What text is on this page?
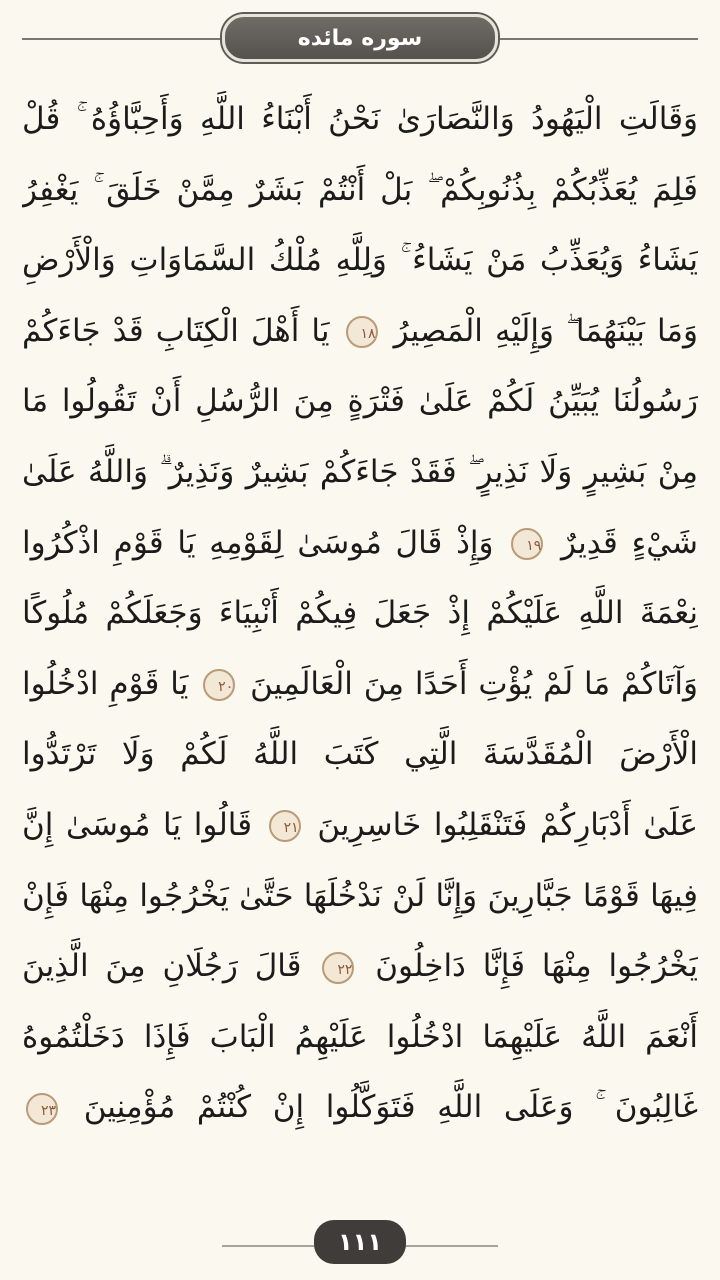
سوره مائده
وَقَالَتِ الْيَهُودُ وَالنَّصَارَىٰ نَحْنُ أَبْنَاءُ اللَّهِ وَأَحِبَّاؤُهُ ۚ قُلْ
فَلِمَ يُعَذِّبُكُمْ بِذُنُوبِكُمْ ۖ بَلْ أَنْتُمْ بَشَرٌ مِمَّنْ خَلَقَ ۚ يَغْفِرُ
يَشَاءُ وَيُعَذِّبُ مَنْ يَشَاءُ ۚ وَلِلَّهِ مُلْكُ السَّمَاوَاتِ وَالْأَرْضِ
وَمَا بَيْنَهُمَا ۖ وَإِلَيْهِ الْمَصِيرُ ١٨ يَا أَهْلَ الْكِتَابِ قَدْ جَاءَكُمْ
رَسُولُنَا يُبَيِّنُ لَكُمْ عَلَىٰ فَتْرَةٍ مِنَ الرُّسُلِ أَنْ تَقُولُوا مَا
مِنْ بَشِيرٍ وَلَا نَذِيرٍ ۖ فَقَدْ جَاءَكُمْ بَشِيرٌ وَنَذِيرٌ ۗ وَاللَّهُ عَلَىٰ
شَيْءٍ قَدِيرٌ ١٩ وَإِذْ قَالَ مُوسَىٰ لِقَوْمِهِ يَا قَوْمِ اذْكُرُوا
نِعْمَةَ اللَّهِ عَلَيْكُمْ إِذْ جَعَلَ فِيكُمْ أَنْبِيَاءَ وَجَعَلَكُمْ مُلُوكًا
وَآتَاكُمْ مَا لَمْ يُؤْتِ أَحَدًا مِنَ الْعَالَمِينَ ٢٠ يَا قَوْمِ ادْخُلُوا
الْأَرْضَ الْمُقَدَّسَةَ الَّتِي كَتَبَ اللَّهُ لَكُمْ وَلَا تَرْتَدُّوا
عَلَىٰ أَدْبَارِكُمْ فَتَنْقَلِبُوا خَاسِرِينَ ٢١ قَالُوا يَا مُوسَىٰ إِنَّ
فِيهَا قَوْمًا جَبَّارِينَ وَإِنَّا لَنْ نَدْخُلَهَا حَتَّىٰ يَخْرُجُوا مِنْهَا فَإِنْ
يَخْرُجُوا مِنْهَا فَإِنَّا دَاخِلُونَ ٢٢ قَالَ رَجُلَانِ مِنَ الَّذِينَ
أَنْعَمَ اللَّهُ عَلَيْهِمَا ادْخُلُوا عَلَيْهِمُ الْبَابَ فَإِذَا دَخَلْتُمُوهُ
غَالِبُونَ ۚ وَعَلَى اللَّهِ فَتَوَكَّلُوا إِنْ كُنْتُمْ مُؤْمِنِينَ ٢٣
١١١
